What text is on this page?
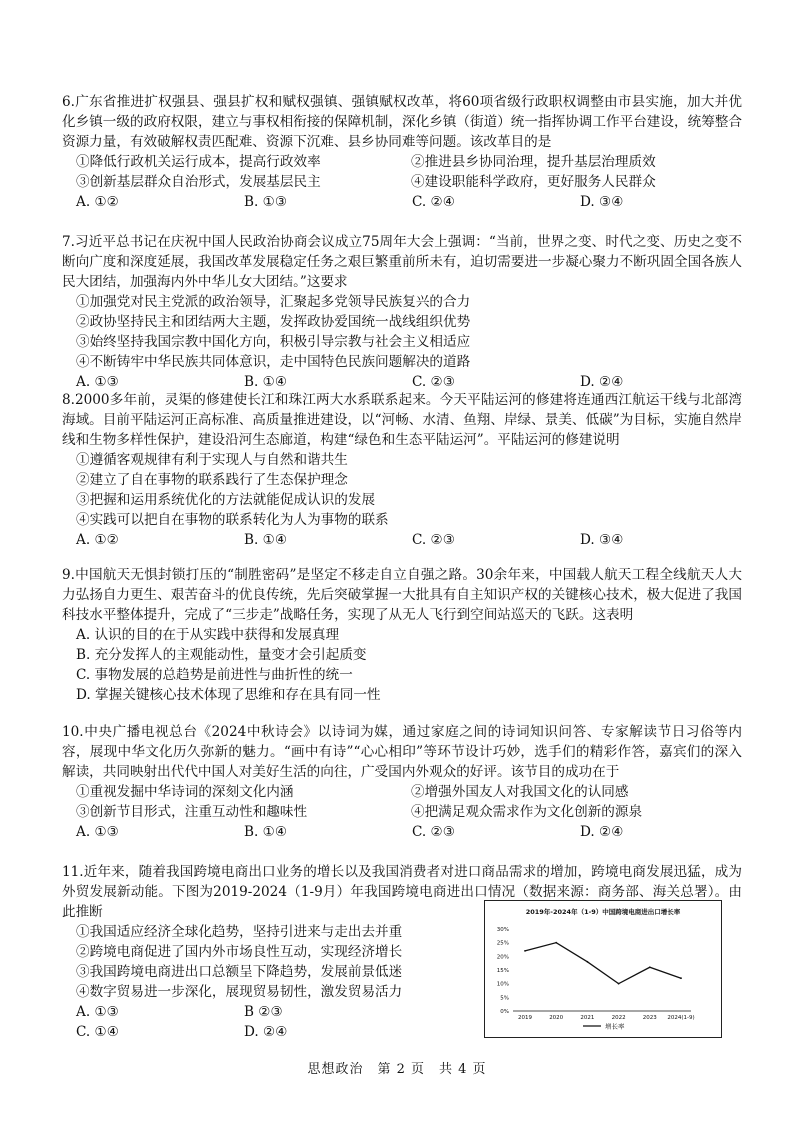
6.广东省推进扩权强县、强县扩权和赋权强镇、强镇赋权改革，将60项省级行政职权调整由市县实施，加大并优化乡镇一级的政府权限，建立与事权相衔接的保障机制，深化乡镇（街道）统一指挥协调工作平台建设，统筹整合资源力量，有效破解权责匹配难、资源下沉难、县乡协同难等问题。该改革目的是

①降低行政机关运行成本，提高行政效率	②推进县乡协同治理，提升基层治理质效
③创新基层群众自治形式，发展基层民主	④建设职能科学政府，更好服务人民群众
A. ①②	B. ①③	C. ②④	D. ③④

7.习近平总书记在庆祝中国人民政治协商会议成立75周年大会上强调：“当前，世界之变、时代之变、历史之变不断向广度和深度延展，我国改革发展稳定任务之艰巨繁重前所未有，迫切需要进一步凝心聚力不断巩固全国各族人民大团结，加强海内外中华儿女大团结。”这要求

①加强党对民主党派的政治领导，汇聚起多党领导民族复兴的合力
②政协坚持民主和团结两大主题，发挥政协爱国统一战线组织优势
③始终坚持我国宗教中国化方向，积极引导宗教与社会主义相适应
④不断铸牢中华民族共同体意识，走中国特色民族问题解决的道路
A. ①③	B. ①④	C. ②③	D. ②④

8.2000多年前，灵渠的修建使长江和珠江两大水系联系起来。今天平陆运河的修建将连通西江航运干线与北部湾海域。目前平陆运河正高标准、高质量推进建设，以“河畅、水清、鱼翔、岸绿、景美、低碳”为目标，实施自然岸线和生物多样性保护，建设沿河生态廊道，构建“绿色和生态平陆运河”。平陆运河的修建说明

①遵循客观规律有利于实现人与自然和谐共生
②建立了自在事物的联系践行了生态保护理念
③把握和运用系统优化的方法就能促成认识的发展
④实践可以把自在事物的联系转化为人为事物的联系
A. ①②	B. ①④	C. ②③	D. ③④

9.中国航天无惧封锁打压的“制胜密码”是坚定不移走自立自强之路。30余年来，中国载人航天工程全线航天人大力弘扬自力更生、艰苦奋斗的优良传统，先后突破掌握一大批具有自主知识产权的关键核心技术，极大促进了我国科技水平整体提升，完成了“三步走”战略任务，实现了从无人飞行到空间站巡天的飞跃。这表明

A. 认识的目的在于从实践中获得和发展真理
B. 充分发挥人的主观能动性，量变才会引起质变
C. 事物发展的总趋势是前进性与曲折性的统一
D. 掌握关键核心技术体现了思维和存在具有同一性

10.中央广播电视总台《2024中秋诗会》以诗词为媒，通过家庭之间的诗词知识问答、专家解读节日习俗等内容，展现中华文化历久弥新的魅力。“画中有诗”“心心相印”等环节设计巧妙，选手们的精彩作答，嘉宾们的深入解读，共同映射出代代中国人对美好生活的向往，广受国内外观众的好评。该节目的成功在于

①重视发掘中华诗词的深刻文化内涵	②增强外国友人对我国文化的认同感
③创新节目形式，注重互动性和趣味性	④把满足观众需求作为文化创新的源泉
A. ①③	B. ①④	C. ②③	D. ②④

11.近年来，随着我国跨境电商出口业务的增长以及我国消费者对进口商品需求的增加，跨境电商发展迅猛，成为外贸发展新动能。下图为2019-2024（1-9月）年我国跨境电商进出口情况（数据来源：商务部、海关总署）。由此推断

①我国适应经济全球化趋势，坚持引进来与走出去并重
②跨境电商促进了国内外市场良性互动，实现经济增长
③我国跨境电商进出口总额呈下降趋势，发展前景低迷
④数字贸易进一步深化，展现贸易韧性，激发贸易活力
A. ①③	B ②③
C. ①④	D. ②④
2019年-2024年（1-9）中国跨境电商进出口增长率
0%
5%
10%
15%
20%
25%
30%
2019	2020	2021	2022	2023 2024(1-9)
增长率
思想政治　第 2 页　共 4 页
